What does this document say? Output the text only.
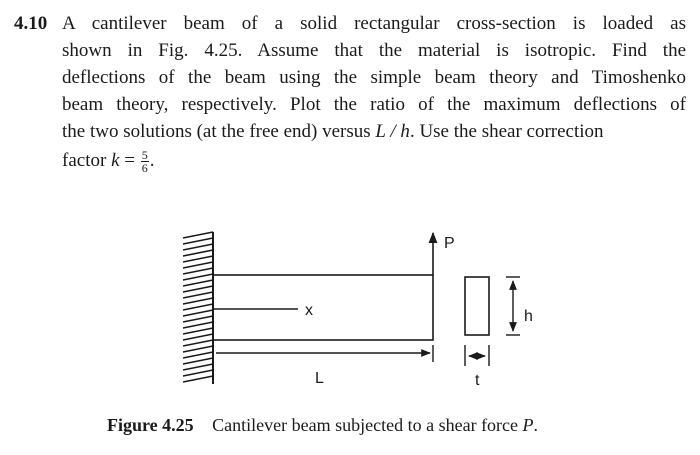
4.10 A cantilever beam of a solid rectangular cross-section is loaded as
shown in Fig. 4.25. Assume that the material is isotropic. Find the
deflections of the beam using the simple beam theory and Timoshenko
beam theory, respectively. Plot the ratio of the maximum deflections of
the two solutions (at the free end) versus L / h. Use the shear correction
factor $k = \frac{5}{6}$ .
P
x
L
h
t
Figure 4.25 Cantilever beam subjected to a shear force P.
